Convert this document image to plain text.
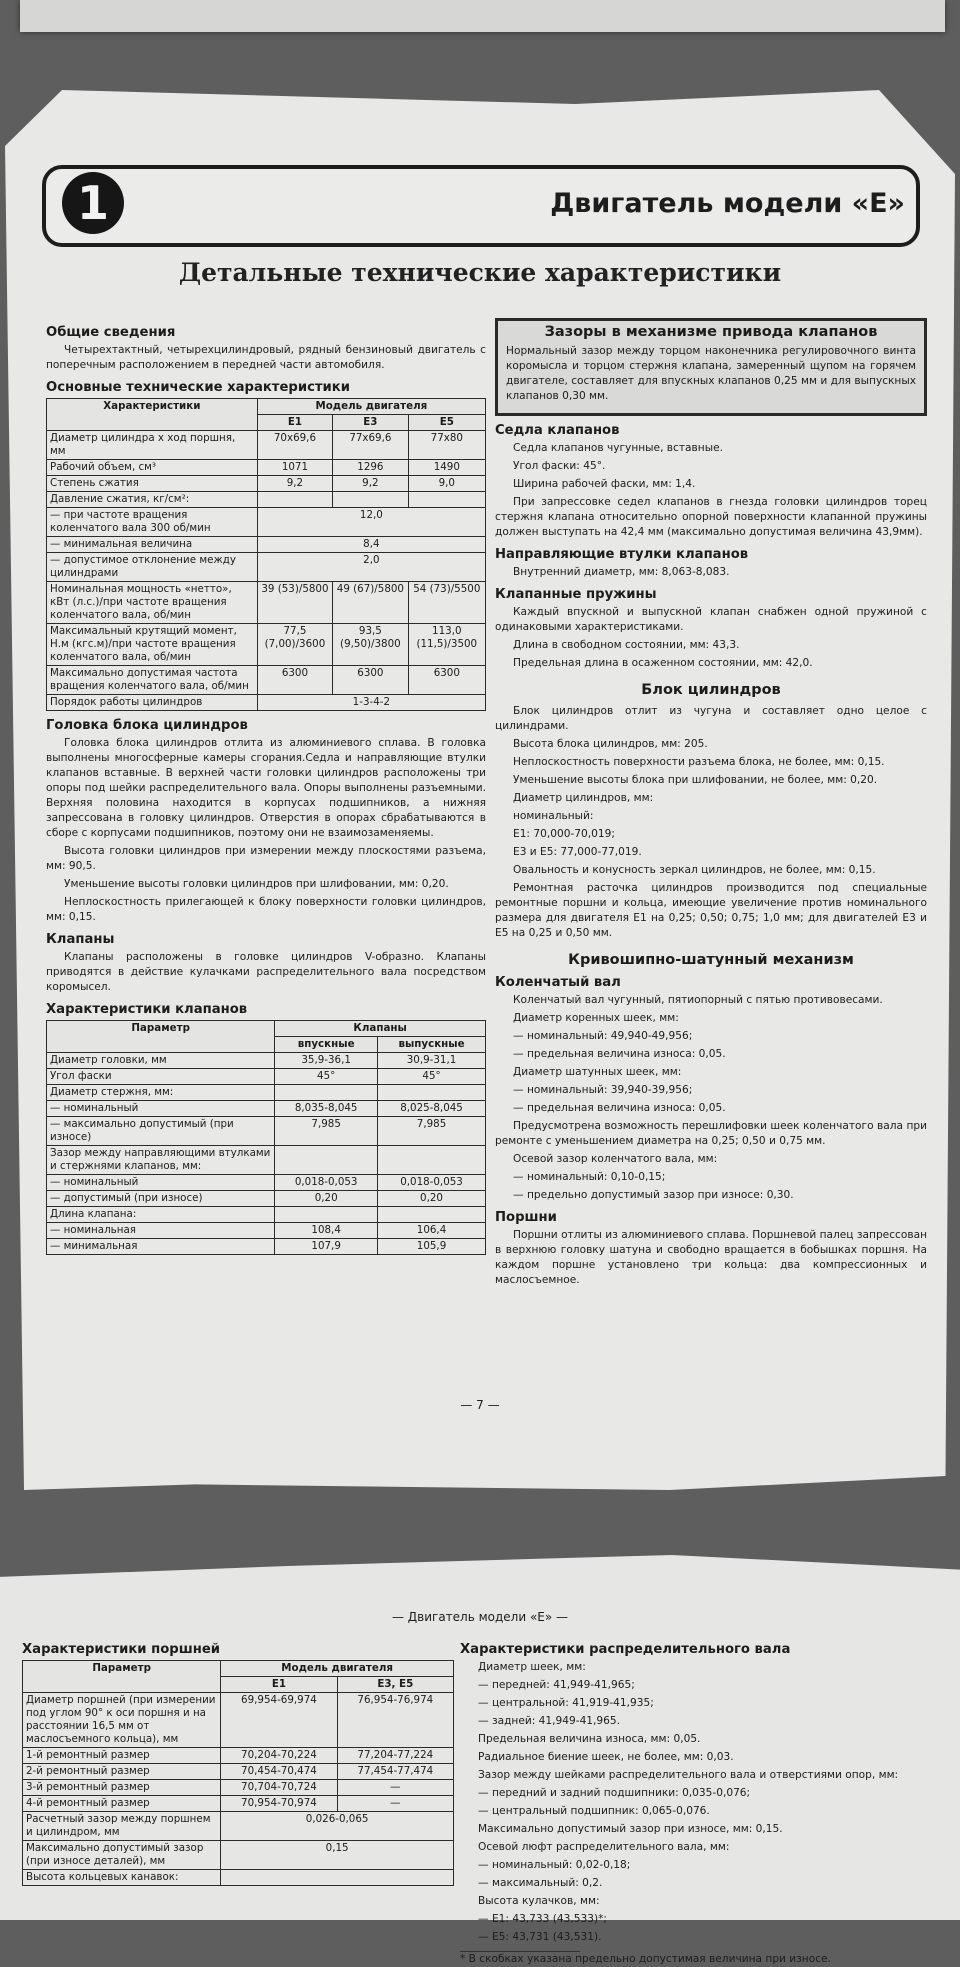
1	Двигатель модели «Е»
Детальные технические характеристики
Общие сведения

Четырехтактный, четырехцилиндровый, рядный бензиновый двигатель с поперечным расположением в передней части автомобиля.

Основные технические характеристики
Характеристики	Модель двигателя		
	E1	E3	E5
Диаметр цилиндра х ход поршня, мм	70x69,6	77x69,6	77x80
Рабочий объем, см³	1071	1296	1490
Степень сжатия	9,2	9,2	9,0
Давление сжатия, кг/см²:			
— при частоте вращения коленчатого вала 300 об/мин	12,0		
— минимальная величина	8,4		
— допустимое отклонение между цилиндрами	2,0		
Номинальная мощность «нетто», кВт (л.с.)/при частоте вращения коленчатого вала, об/мин	39 (53)/5800	49 (67)/5800	54 (73)/5500
Максимальный крутящий момент, Н.м (кгс.м)/при частоте вращения коленчатого вала, об/мин	77,5 (7,00)/3600	93,5 (9,50)/3800	113,0 (11,5)/3500
Максимально допустимая частота вращения коленчатого вала, об/мин	6300	6300	6300
Порядок работы цилиндров	1-3-4-2		
Головка блока цилиндров

Головка блока цилиндров отлита из алюминиевого сплава. В головка выполнены многосферные камеры сгорания.Седла и направляющие втулки клапанов вставные. В верхней части головки цилиндров расположены три опоры под шейки распределительного вала. Опоры выполнены разъемными. Верхняя половина находится в корпусах подшипников, а нижняя запрессована в головку цилиндров. Отверстия в опорах сбрабатываются в сборе с корпусами подшипников, поэтому они не взаимозаменяемы.

Высота головки цилиндров при измерении между плоскостями разъема, мм: 90,5.

Уменьшение высоты головки цилиндров при шлифовании, мм: 0,20.

Неплоскостность прилегающей к блоку поверхности головки цилиндров, мм: 0,15.

Клапаны

Клапаны расположены в головке цилиндров V-образно. Клапаны приводятся в действие кулачками распределительного вала посредством коромысел.

Характеристики клапанов
Параметр	Клапаны	
	впускные	выпускные
Диаметр головки, мм	35,9-36,1	30,9-31,1
Угол фаски	45°	45°
Диаметр стержня, мм:		
— номинальный	8,035-8,045	8,025-8,045
— максимально допустимый (при износе)	7,985	7,985
Зазор между направляющими втулками и стержнями клапанов, мм:		
— номинальный	0,018-0,053	0,018-0,053
— допустимый (при износе)	0,20	0,20
Длина клапана:		
— номинальная	108,4	106,4
— минимальная	107,9	105,9
Зазоры в механизме привода клапанов

Нормальный зазор между торцом наконечника регулировочного винта коромысла и торцом стержня клапана, замеренный щупом на горячем двигателе, составляет для впускных клапанов 0,25 мм и для выпускных клапанов 0,30 мм.

Седла клапанов
Седла клапанов чугунные, вставные.
Угол фаски: 45°.
Ширина рабочей фаски, мм: 1,4.

При запрессовке седел клапанов в гнезда головки цилиндров торец стержня клапана относительно опорной поверхности клапанной пружины должен выступать на 42,4 мм (максимально допустимая величина 43,9мм).

Направляющие втулки клапанов
Внутренний диаметр, мм: 8,063-8,083.
Клапанные пружины

Каждый впускной и выпускной клапан снабжен одной пружиной с одинаковыми характеристиками.

Длина в свободном состоянии, мм: 43,3.
Предельная длина в осаженном состоянии, мм: 42,0.
Блок цилиндров

Блок цилиндров отлит из чугуна и составляет одно целое с цилиндрами.

Высота блока цилиндров, мм: 205.
Неплоскостность поверхности разъема блока, не более, мм: 0,15.
Уменьшение высоты блока при шлифовании, не более, мм: 0,20.
Диаметр цилиндров, мм:
номинальный:
E1: 70,000-70,019;
E3 и E5: 77,000-77,019.
Овальность и конусность зеркал цилиндров, не более, мм: 0,15.

Ремонтная расточка цилиндров производится под специальные ремонтные поршни и кольца, имеющие увеличение против номинального размера для двигателя E1 на 0,25; 0,50; 0,75; 1,0 мм; для двигателей E3 и E5 на 0,25 и 0,50 мм.

Кривошипно-шатунный механизм
Коленчатый вал

Коленчатый вал чугунный, пятиопорный с пятью противовесами.

Диаметр коренных шеек, мм:
— номинальный: 49,940-49,956;
— предельная величина износа: 0,05.
Диаметр шатунных шеек, мм:
— номинальный: 39,940-39,956;
— предельная величина износа: 0,05.

Предусмотрена возможность перешлифовки шеек коленчатого вала при ремонте с уменьшением диаметра на 0,25; 0,50 и 0,75 мм.

Осевой зазор коленчатого вала, мм:
— номинальный: 0,10-0,15;
— предельно допустимый зазор при износе: 0,30.
Поршни

Поршни отлиты из алюминиевого сплава. Поршневой палец запрессован в верхнюю головку шатуна и свободно вращается в бобышках поршня. На каждом поршне установлено три кольца: два компрессионных и маслосъемное.

— 7 —
— Двигатель модели «Е» —
Характеристики поршней
Параметр	Модель двигателя	
	E1	E3, E5
Диаметр поршней (при измерении под углом 90° к оси поршня и на расстоянии 16,5 мм от маслосъемного кольца), мм	69,954-69,974	76,954-76,974
1-й ремонтный размер	70,204-70,224	77,204-77,224
2-й ремонтный размер	70,454-70,474	77,454-77,474
3-й ремонтный размер	70,704-70,724	—
4-й ремонтный размер	70,954-70,974	—
Расчетный зазор между поршнем и цилиндром, мм	0,026-0,065	
Максимально допустимый зазор (при износе деталей), мм	0,15	
Высота кольцевых канавок:		
Характеристики распределительного вала
Диаметр шеек, мм:
— передней: 41,949-41,965;
— центральной: 41,919-41,935;
— задней: 41,949-41,965.
Предельная величина износа, мм: 0,05.
Радиальное биение шеек, не более, мм: 0,03.
Зазор между шейками распределительного вала и отверстиями опор, мм:
— передний и задний подшипники: 0,035-0,076;
— центральный подшипник: 0,065-0,076.
Максимально допустимый зазор при износе, мм: 0,15.
Осевой люфт распределительного вала, мм:
— номинальный: 0,02-0,18;
— максимальный: 0,2.
Высота кулачков, мм:
— E1: 43,733 (43,533)*;
— E5: 43,731 (43,531).
* В скобках указана предельно допустимая величина при износе.
